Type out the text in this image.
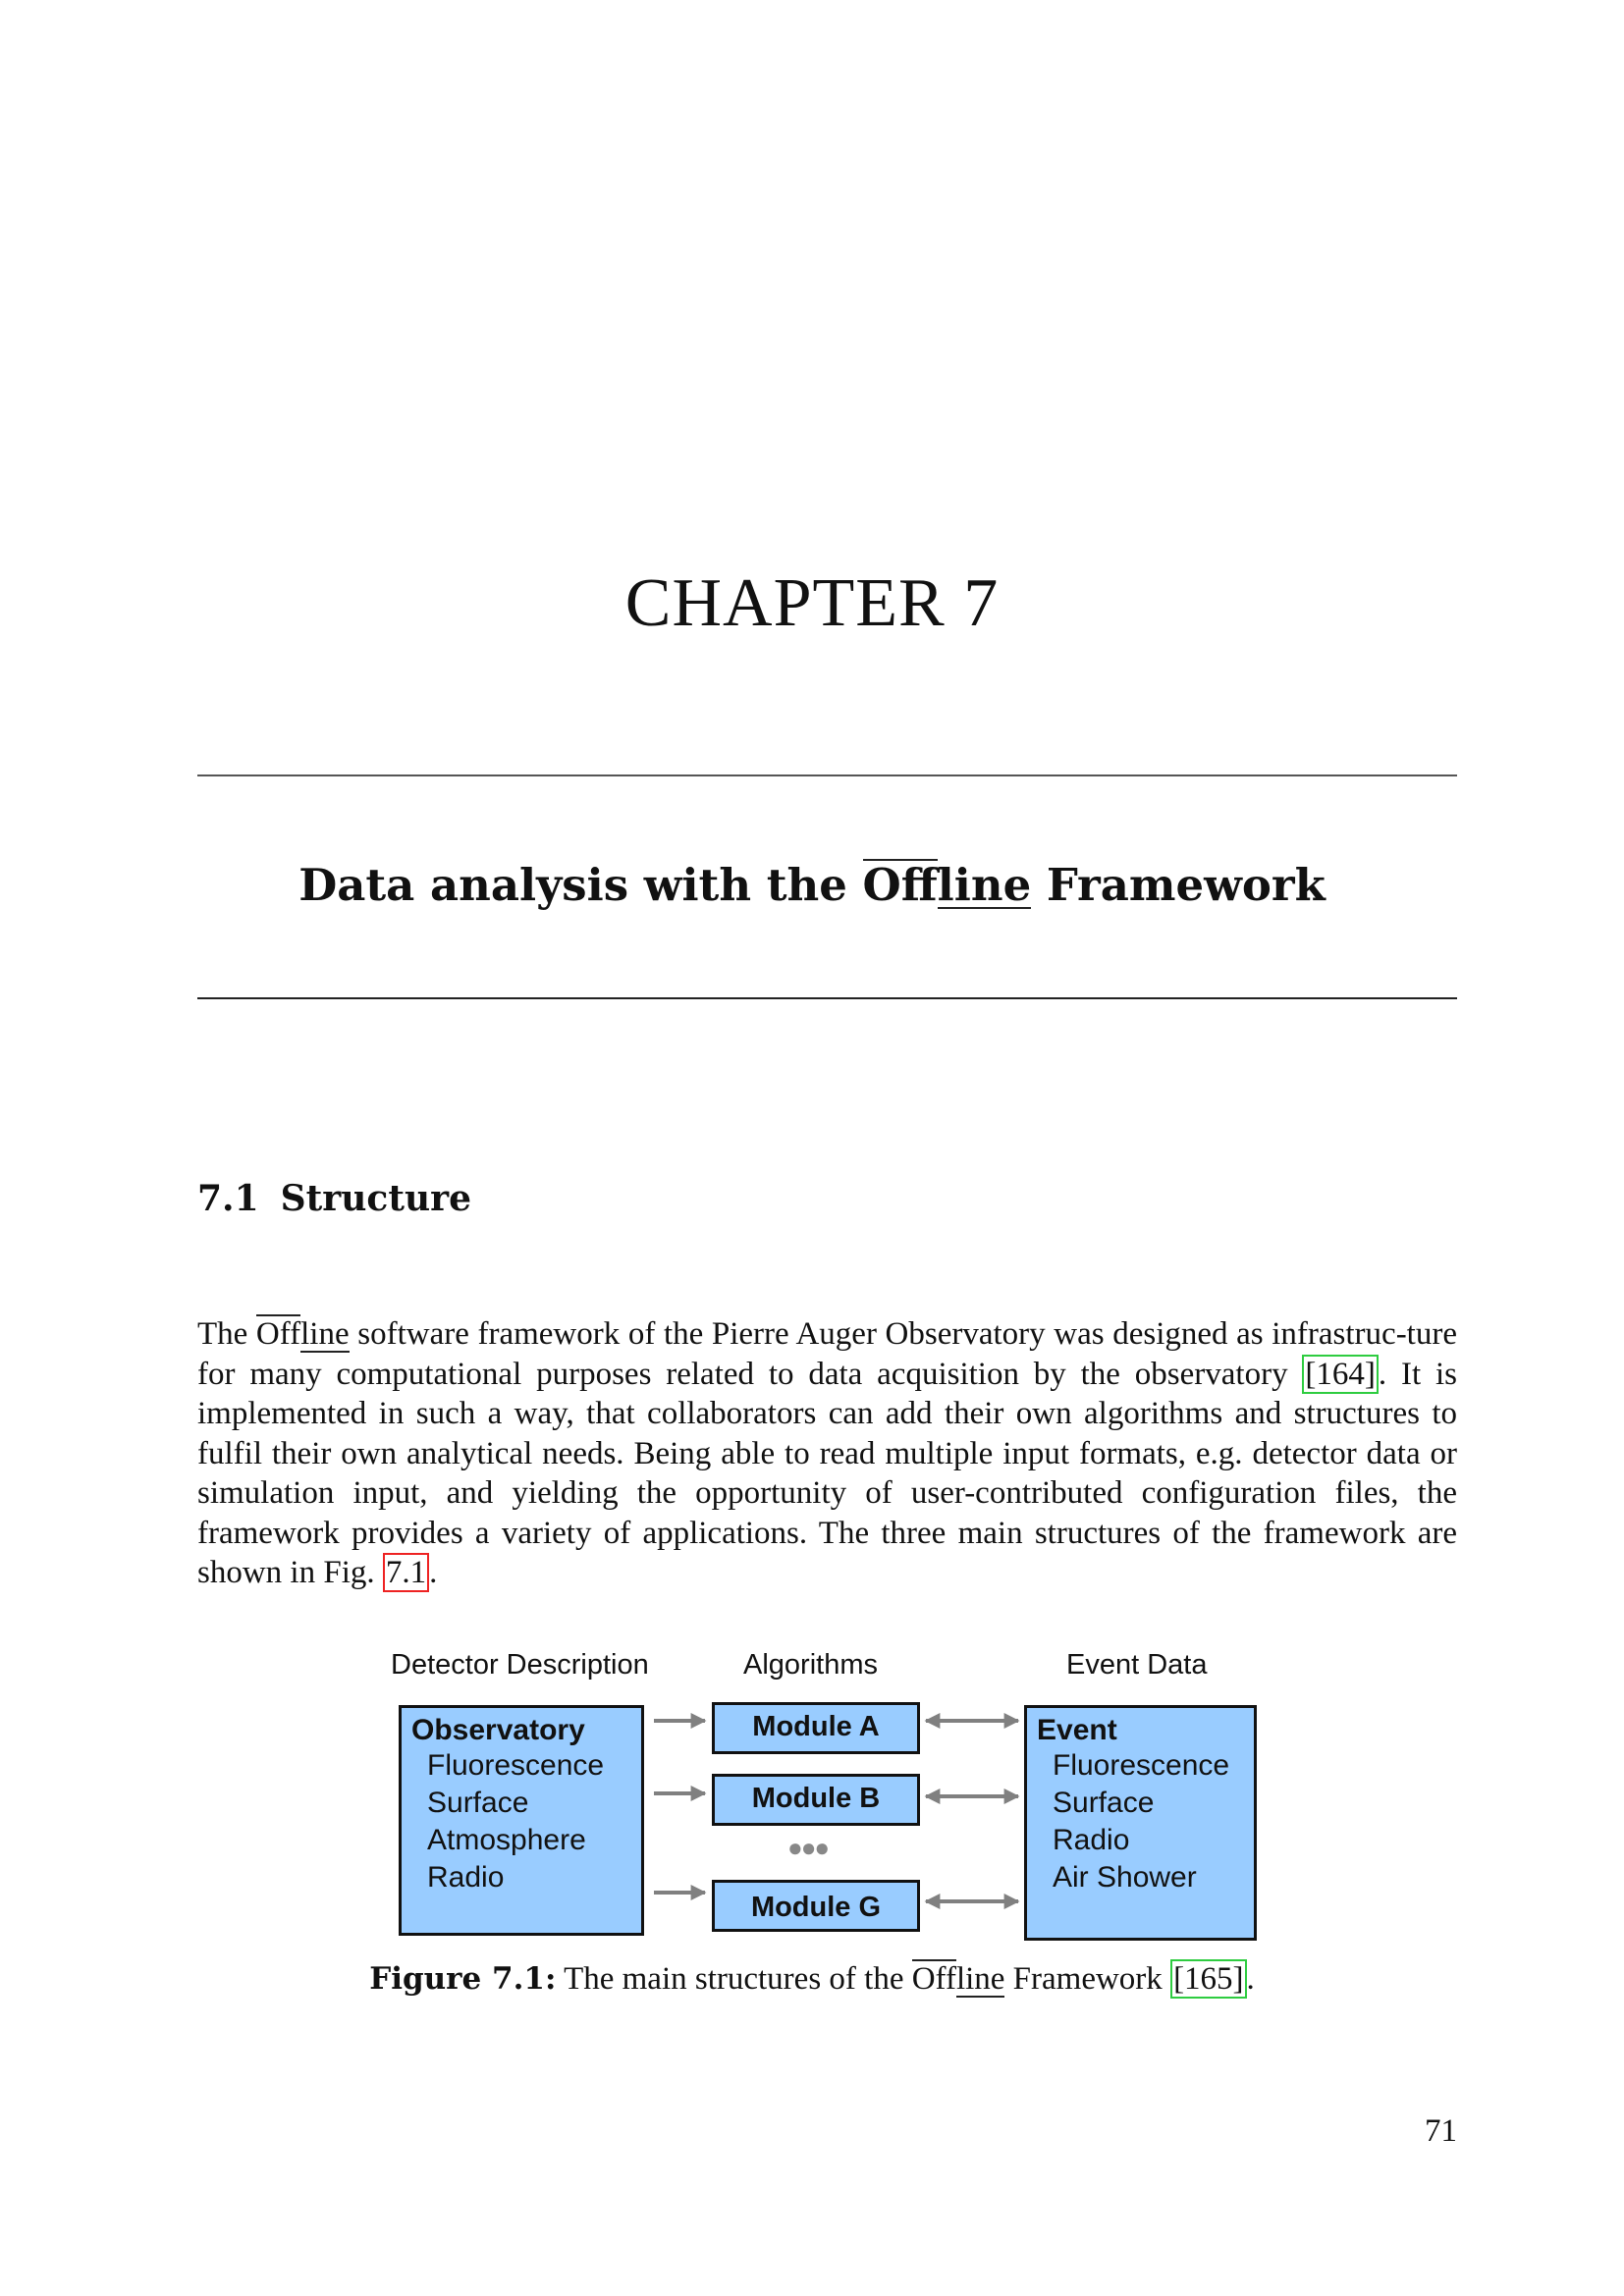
CHAPTER 7
Data analysis with the Offline Framework
7.1 Structure
The Offline software framework of the Pierre Auger Observatory was designed as infrastruc-ture for many computational purposes related to data acquisition by the observatory [164]. It is implemented in such a way, that collaborators can add their own algorithms and structures to fulfil their own analytical needs. Being able to read multiple input formats, e.g. detector data or simulation input, and yielding the opportunity of user-contributed configuration files, the framework provides a variety of applications. The three main structures of the framework are shown in Fig. 7.1.
Detector Description	Algorithms	Event Data
Observatory
Fluorescence
Surface
Atmosphere
Radio
Module A
Module B
●●●
Module G
Event
Fluorescence
Surface
Radio
Air Shower
Figure 7.1: The main structures of the Offline Framework [165].
71
